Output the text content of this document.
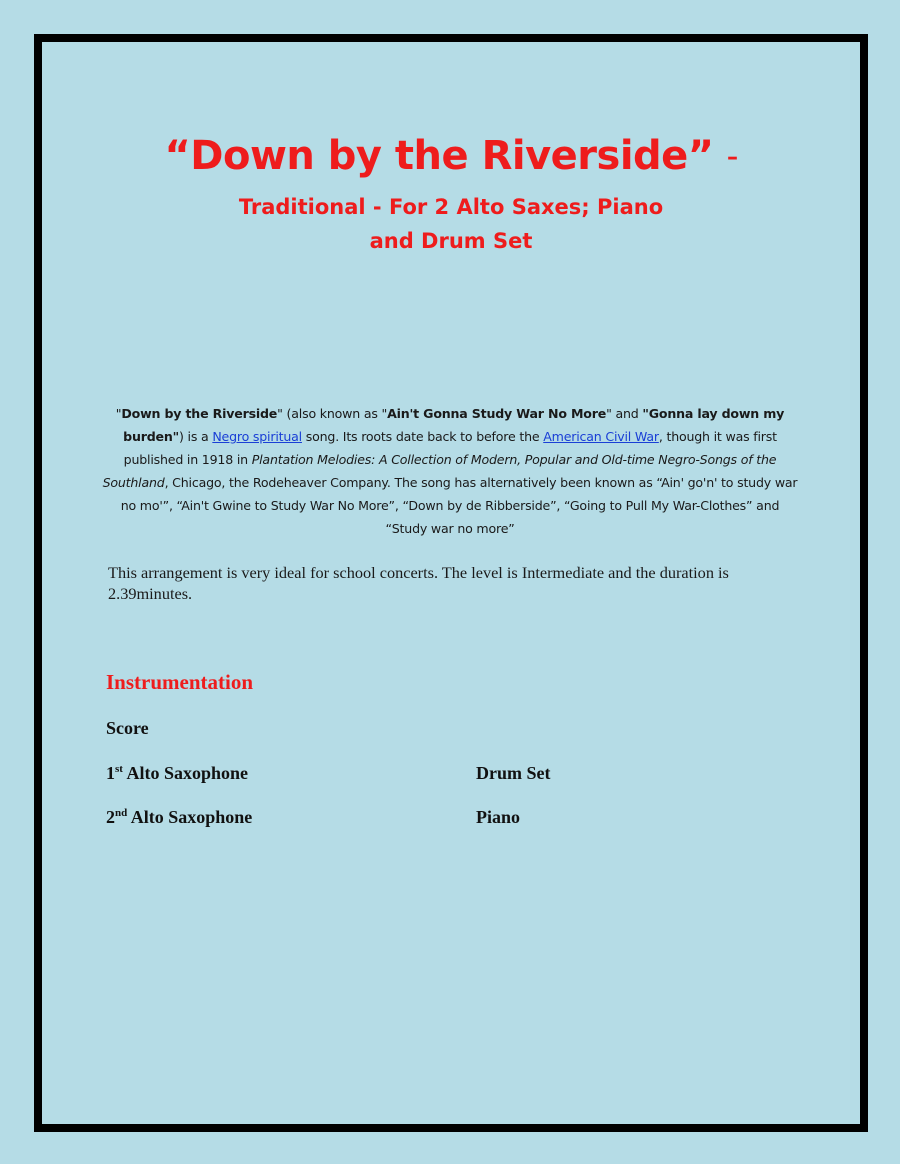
“Down by the Riverside” –
Traditional - For 2 Alto Saxes; Piano
and Drum Set
"Down by the Riverside" (also known as "Ain't Gonna Study War No More" and "Gonna lay down my burden") is a Negro spiritual song. Its roots date back to before the American Civil War, though it was first published in 1918 in Plantation Melodies: A Collection of Modern, Popular and Old-time Negro-Songs of the Southland, Chicago, the Rodeheaver Company. The song has alternatively been known as “Ain' go'n' to study war no mo'”, “Ain't Gwine to Study War No More”, “Down by de Ribberside”, “Going to Pull My War-Clothes” and “Study war no more”
This arrangement is very ideal for school concerts. The level is Intermediate and the duration is 2.39minutes.
Instrumentation
Score
1st Alto Saxophone	Drum Set
2nd Alto Saxophone	Piano
